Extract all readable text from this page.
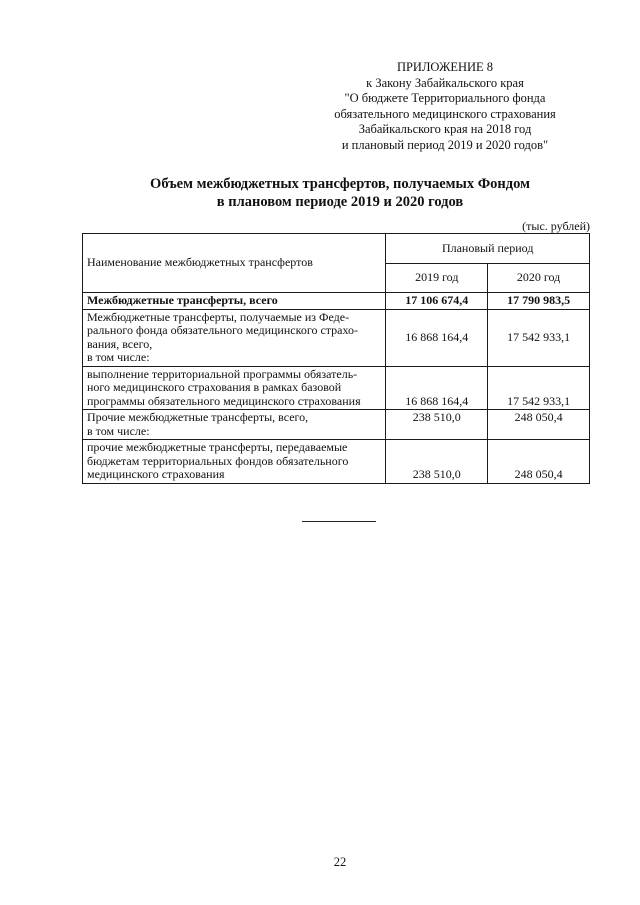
ПРИЛОЖЕНИЕ 8
к Закону Забайкальского края
"О бюджете Территориального фонда
обязательного медицинского страхования
Забайкальского края на 2018 год
и плановый период 2019 и 2020 годов"
Объем межбюджетных трансфертов, получаемых Фондом
в плановом периоде 2019 и 2020 годов
(тыс. рублей)
Наименование межбюджетных трансфертов	Плановый период	
	2019 год	2020 год

Межбюджетные трансферты, всего	17 106 674,4	17 790 983,5

Межбюджетные трансферты, получаемые из Феде-
рального фонда обязательного медицинского страхо-
вания, всего,
в том числе:	16 868 164,4	17 542 933,1

выполнение территориальной программы обязатель-
ного медицинского страхования в рамках базовой
программы обязательного медицинского страхования	16 868 164,4	17 542 933,1

Прочие межбюджетные трансферты, всего,
в том числе:	238 510,0	248 050,4

прочие межбюджетные трансферты, передаваемые
бюджетам территориальных фондов обязательного
медицинского страхования	238 510,0	248 050,4
22
